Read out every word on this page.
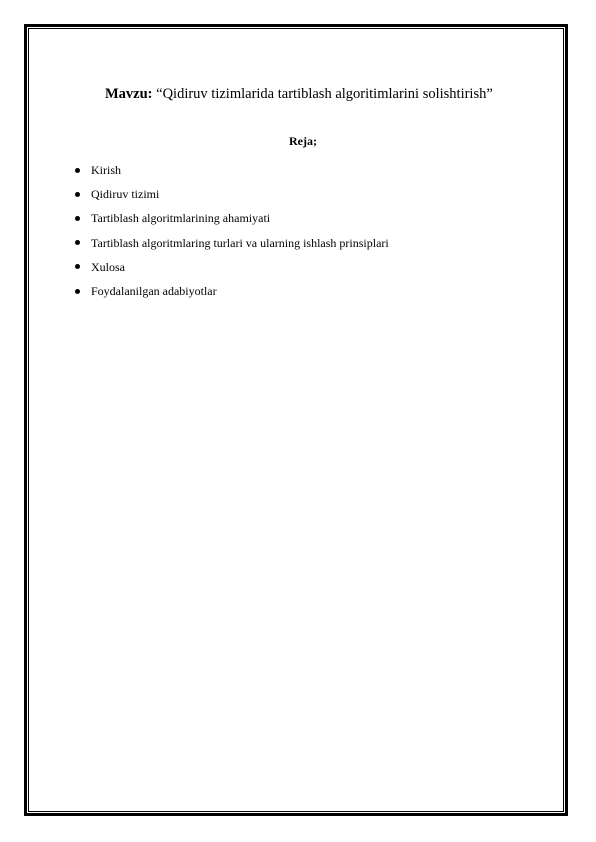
Mavzu: “Qidiruv tizimlarida tartiblash algoritimlarini solishtirish”
Reja;
Kirish
Qidiruv tizimi
Tartiblash algoritmlarining ahamiyati
Tartiblash algoritmlaring turlari va ularning ishlash prinsiplari
Xulosa
Foydalanilgan adabiyotlar
